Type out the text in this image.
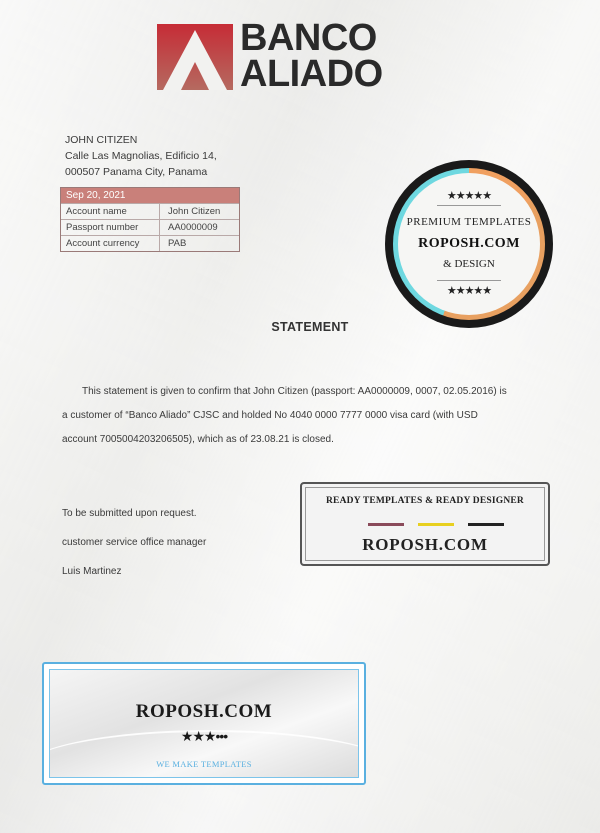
BANCO
ALIADO
JOHN CITIZEN
Calle Las Magnolias, Edificio 14,
000507 Panama City, Panama
Sep 20, 2021
Account name	John Citizen
Passport number	AA0000009
Account currency	PAB
★★★★★
PREMIUM TEMPLATES
ROPOSH.COM
& DESIGN
★★★★★
STATEMENT

This statement is given to confirm that John Citizen (passport: AA0000009, 0007, 02.05.2016) is

a customer of “Banco Aliado” CJSC and holded No 4040 0000 7777 0000 visa card (with USD

account 7005004203206505), which as of 23.08.21 is closed.

To be submitted upon request.
customer service office manager
Luis Martinez
READY TEMPLATES & READY DESIGNER
ROPOSH.COM
ROPOSH.COM
★★★•••
WE MAKE TEMPLATES
